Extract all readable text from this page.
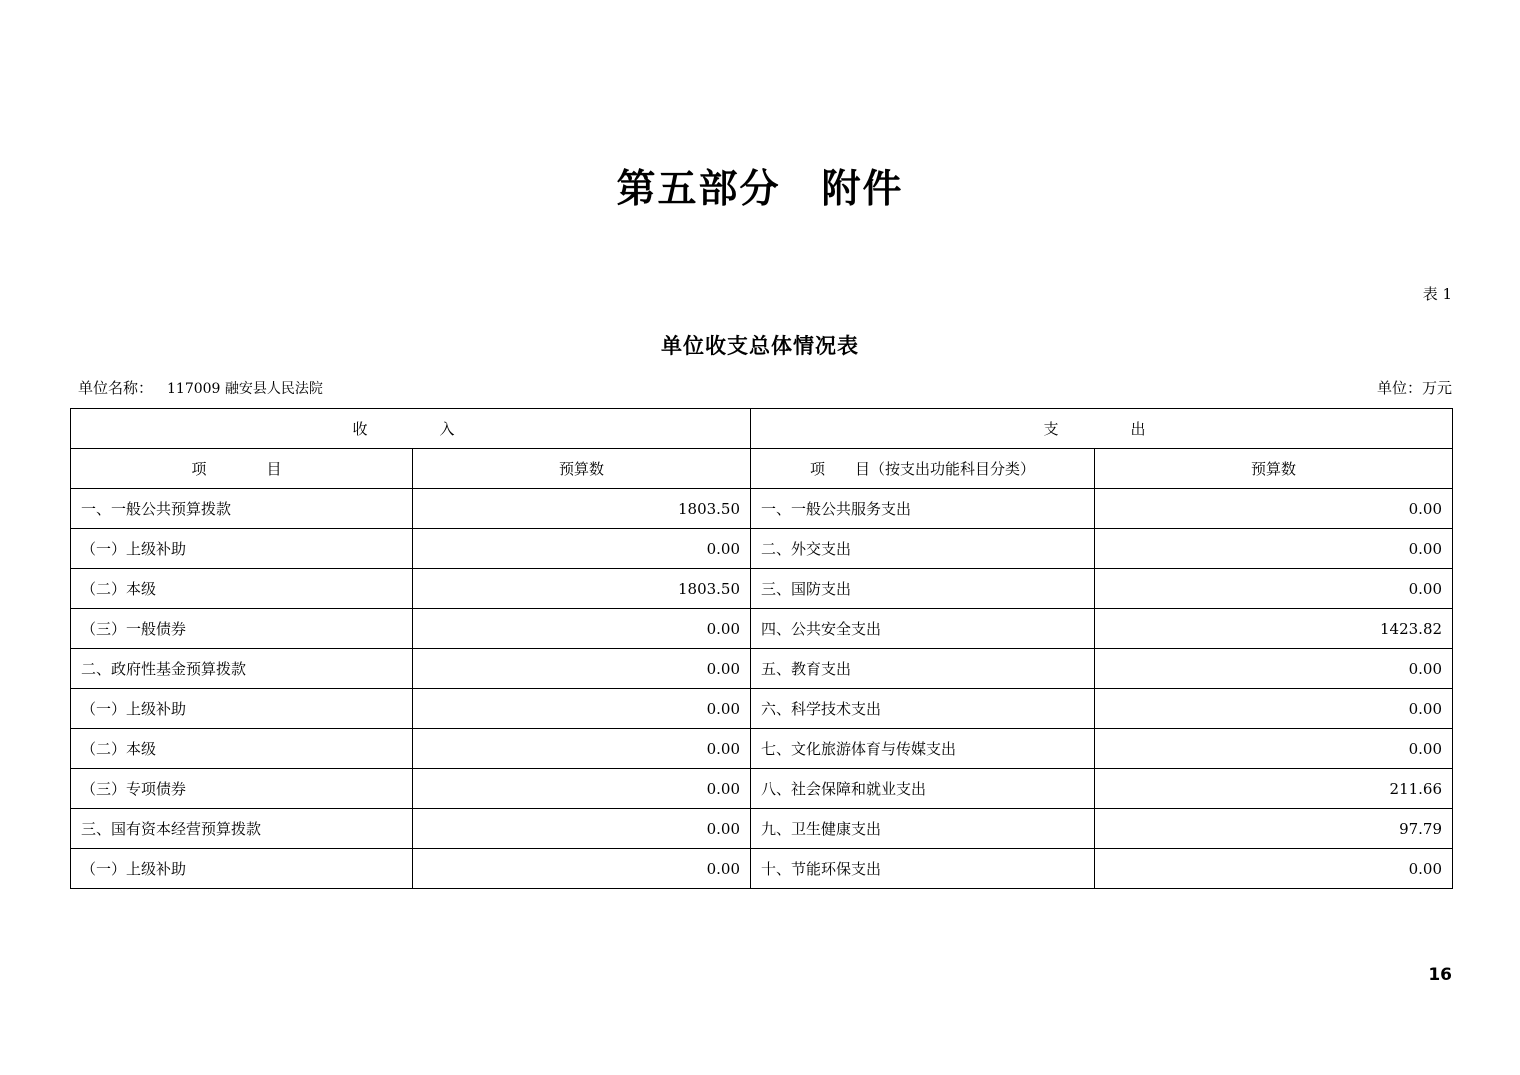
第五部分　附件
表 1
单位收支总体情况表
单位名称： 117009 融安县人民法院	单位：万元
收　　入		支　　出	
项　　目	预算数	项　　目（按支出功能科目分类）	预算数
一、一般公共预算拨款	1803.50	一、一般公共服务支出	0.00
（一）上级补助	0.00	二、外交支出	0.00
（二）本级	1803.50	三、国防支出	0.00
（三）一般债券	0.00	四、公共安全支出	1423.82
二、政府性基金预算拨款	0.00	五、教育支出	0.00
（一）上级补助	0.00	六、科学技术支出	0.00
（二）本级	0.00	七、文化旅游体育与传媒支出	0.00
（三）专项债券	0.00	八、社会保障和就业支出	211.66
三、国有资本经营预算拨款	0.00	九、卫生健康支出	97.79
（一）上级补助	0.00	十、节能环保支出	0.00
16
